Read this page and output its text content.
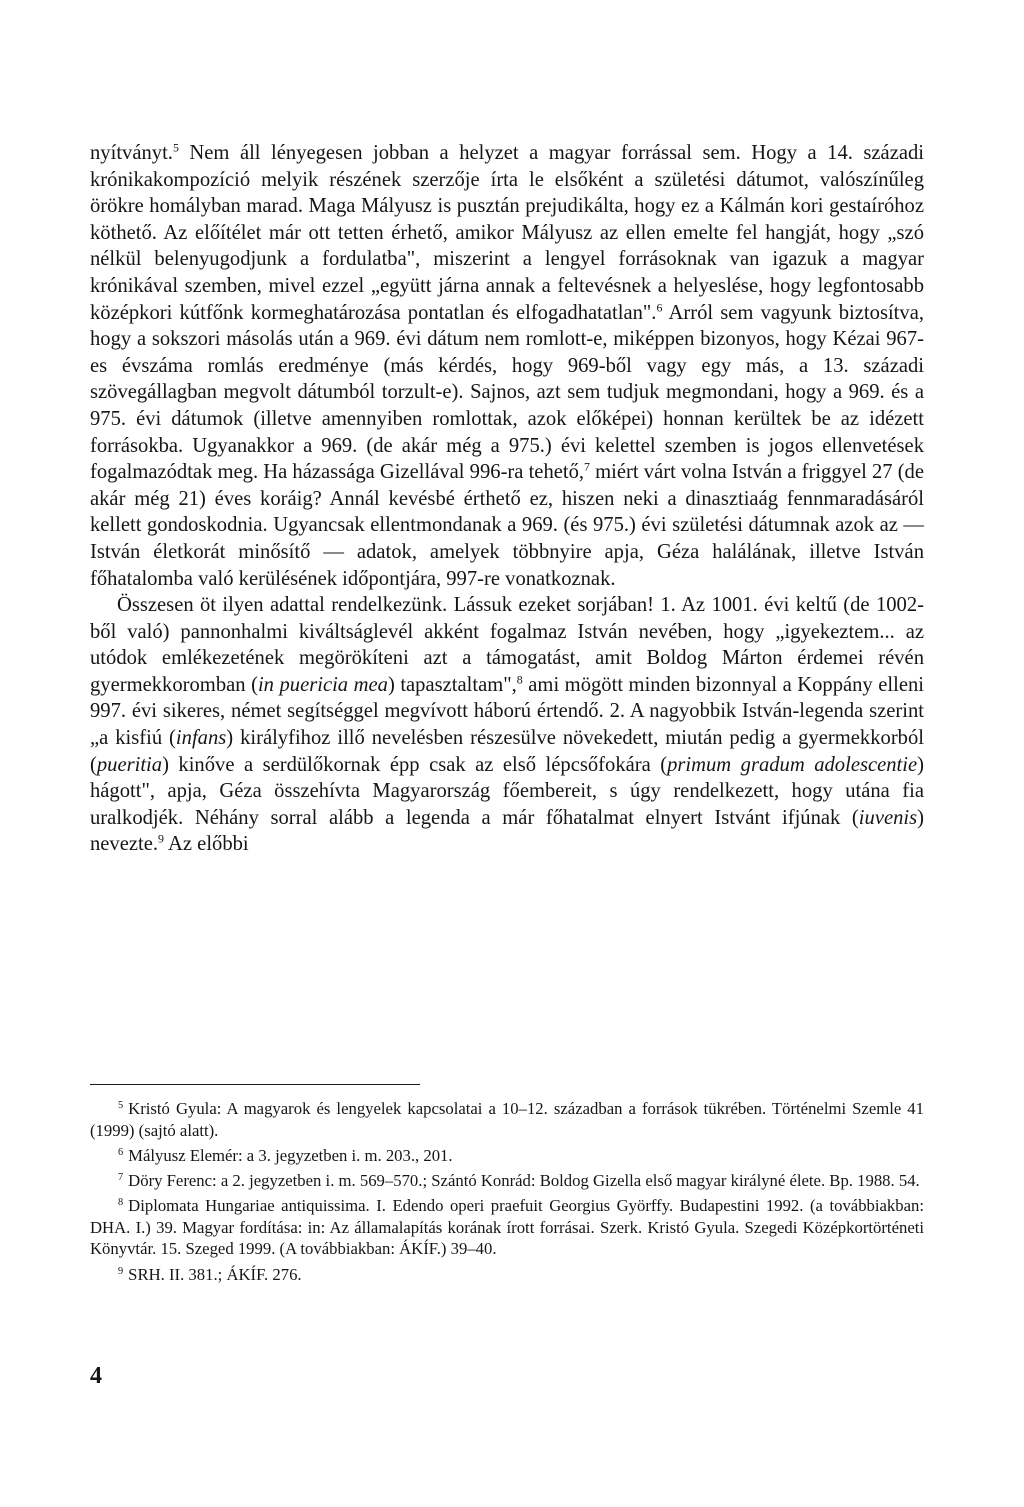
nyítványt.$^5$ Nem áll lényegesen jobban a helyzet a magyar forrással sem. Hogy a 14. századi krónikakompozíció melyik részének szerzője írta le elsőként a születési dátumot, valószínűleg örökre homályban marad. Maga Mályusz is pusztán prejudikálta, hogy ez a Kálmán kori gestaíróhoz köthető. Az előítélet már ott tetten érhető, amikor Mályusz az ellen emelte fel hangját, hogy „szó nélkül belenyugodjunk a fordulatba", miszerint a lengyel forrásoknak van igazuk a magyar krónikával szemben, mivel ezzel „együtt járna annak a feltevésnek a helyeslése, hogy legfontosabb középkori kútfőnk kormeghatározása pontatlan és elfogadhatatlan".$^6$ Arról sem vagyunk biztosítva, hogy a sokszori másolás után a 969. évi dátum nem romlott-e, miképpen bizonyos, hogy Kézai 967-es évszáma romlás eredménye (más kérdés, hogy 969-ből vagy egy más, a 13. századi szövegállagban megvolt dátumból torzult-e). Sajnos, azt sem tudjuk megmondani, hogy a 969. és a 975. évi dátumok (illetve amennyiben romlottak, azok előképei) honnan kerültek be az idézett forrásokba. Ugyanakkor a 969. (de akár még a 975.) évi kelettel szemben is jogos ellenvetések fogalmazódtak meg. Ha házassága Gizellával 996-ra tehető,$^7$ miért várt volna István a friggyel 27 (de akár még 21) éves koráig? Annál kevésbé érthető ez, hiszen neki a dinasztiaág fennmaradásáról kellett gondoskodnia. Ugyancsak ellentmondanak a 969. (és 975.) évi születési dátumnak azok az — István életkorát minősítő — adatok, amelyek többnyire apja, Géza halálának, illetve István főhatalomba való kerülésének időpontjára, 997-re vonatkoznak.

Összesen öt ilyen adattal rendelkezünk. Lássuk ezeket sorjában! 1. Az 1001. évi keltű (de 1002-ből való) pannonhalmi kiváltságlevél akként fogalmaz István nevében, hogy „igyekeztem... az utódok emlékezetének megörökíteni azt a támogatást, amit Boldog Márton érdemei révén gyermekkoromban (in puericia mea) tapasztaltam",$^8$ ami mögött minden bizonnyal a Koppány elleni 997. évi sikeres, német segítséggel megvívott háború értendő. 2. A nagyobbik István-legenda szerint „a kisfiú (infans) királyfihoz illő nevelésben részesülve növekedett, miután pedig a gyermekkorból (pueritia) kinőve a serdülőkornak épp csak az első lépcsőfokára (primum gradum adolescentie) hágott", apja, Géza összehívta Magyarország főembereit, s úgy rendelkezett, hogy utána fia uralkodjék. Néhány sorral alább a legenda a már főhatalmat elnyert Istvánt ifjúnak (iuvenis) nevezte.$^9$ Az előbbi

$^5$ Kristó Gyula: A magyarok és lengyelek kapcsolatai a 10–12. században a források tükrében. Történelmi Szemle 41 (1999) (sajtó alatt).

$^6$ Mályusz Elemér: a 3. jegyzetben i. m. 203., 201.

$^7$ Döry Ferenc: a 2. jegyzetben i. m. 569–570.; Szántó Konrád: Boldog Gizella első magyar királyné élete. Bp. 1988. 54.

$^8$ Diplomata Hungariae antiquissima. I. Edendo operi praefuit Georgius Györffy. Budapestini 1992. (a továbbiakban: DHA. I.) 39. Magyar fordítása: in: Az államalapítás korának írott forrásai. Szerk. Kristó Gyula. Szegedi Középkortörténeti Könyvtár. 15. Szeged 1999. (A továbbiakban: ÁKÍF.) 39–40.

$^9$ SRH. II. 381.; ÁKÍF. 276.

4
